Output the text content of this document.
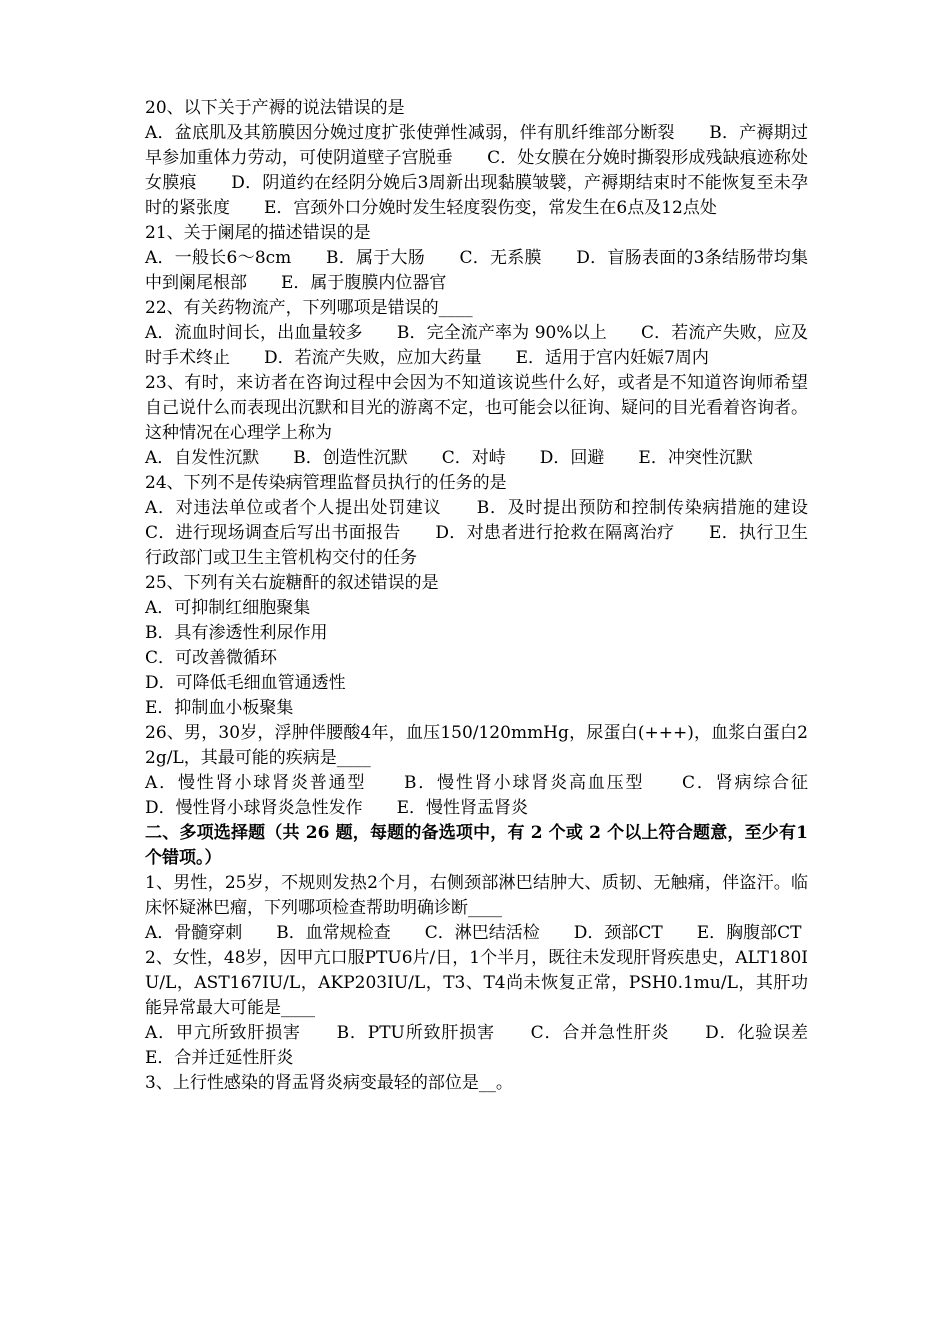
20、以下关于产褥的说法错误的是

A．盆底肌及其筋膜因分娩过度扩张使弹性减弱，伴有肌纤维部分断裂　　B．产褥期过早参加重体力劳动，可使阴道壁子宫脱垂　　C．处女膜在分娩时撕裂形成残缺痕迹称处女膜痕　　D．阴道约在经阴分娩后3周新出现黏膜皱襞，产褥期结束时不能恢复至未孕时的紧张度　　E．宫颈外口分娩时发生轻度裂伤变，常发生在6点及12点处

21、关于阑尾的描述错误的是

A．一般长6～8cm　　B．属于大肠　　C．无系膜　　D．盲肠表面的3条结肠带均集中到阑尾根部　　E．属于腹膜内位器官

22、有关药物流产，下列哪项是错误的____

A．流血时间长，出血量较多　　B．完全流产率为 90%以上　　C．若流产失败，应及时手术终止　　D．若流产失败，应加大药量　　E．适用于宫内妊娠7周内

23、有时，来访者在咨询过程中会因为不知道该说些什么好，或者是不知道咨询师希望自己说什么而表现出沉默和目光的游离不定，也可能会以征询、疑问的目光看着咨询者。这种情况在心理学上称为

A．自发性沉默　　B．创造性沉默　　C．对峙　　D．回避　　E．冲突性沉默

24、下列不是传染病管理监督员执行的任务的是

A．对违法单位或者个人提出处罚建议　　B．及时提出预防和控制传染病措施的建设　　C．进行现场调查后写出书面报告　　D．对患者进行抢救在隔离治疗　　E．执行卫生行政部门或卫生主管机构交付的任务

25、下列有关右旋糖酐的叙述错误的是

A．可抑制红细胞聚集

B．具有渗透性利尿作用

C．可改善微循环

D．可降低毛细血管通透性

E．抑制血小板聚集

26、男，30岁，浮肿伴腰酸4年，血压150/120mmHg，尿蛋白(+++)，血浆白蛋白22g/L，其最可能的疾病是____

A．慢性肾小球肾炎普通型　　B．慢性肾小球肾炎高血压型　　C．肾病综合征　　D．慢性肾小球肾炎急性发作　　E．慢性肾盂肾炎

二、多项选择题（共 26 题，每题的备选项中，有 2 个或 2 个以上符合题意，至少有1 个错项。）

1、男性，25岁，不规则发热2个月，右侧颈部淋巴结肿大、质韧、无触痛，伴盗汗。临床怀疑淋巴瘤，下列哪项检查帮助明确诊断____

A．骨髓穿刺　　B．血常规检查　　C．淋巴结活检　　D．颈部CT　　E．胸腹部CT

2、女性，48岁，因甲亢口服PTU6片/日，1个半月，既往未发现肝肾疾患史，ALT180IU/L，AST167IU/L，AKP203IU/L，T3、T4尚未恢复正常，PSH0.1mu/L，其肝功能异常最大可能是____

A．甲亢所致肝损害　　B．PTU所致肝损害　　C．合并急性肝炎　　D．化验误差　　E．合并迁延性肝炎

3、上行性感染的肾盂肾炎病变最轻的部位是__。
